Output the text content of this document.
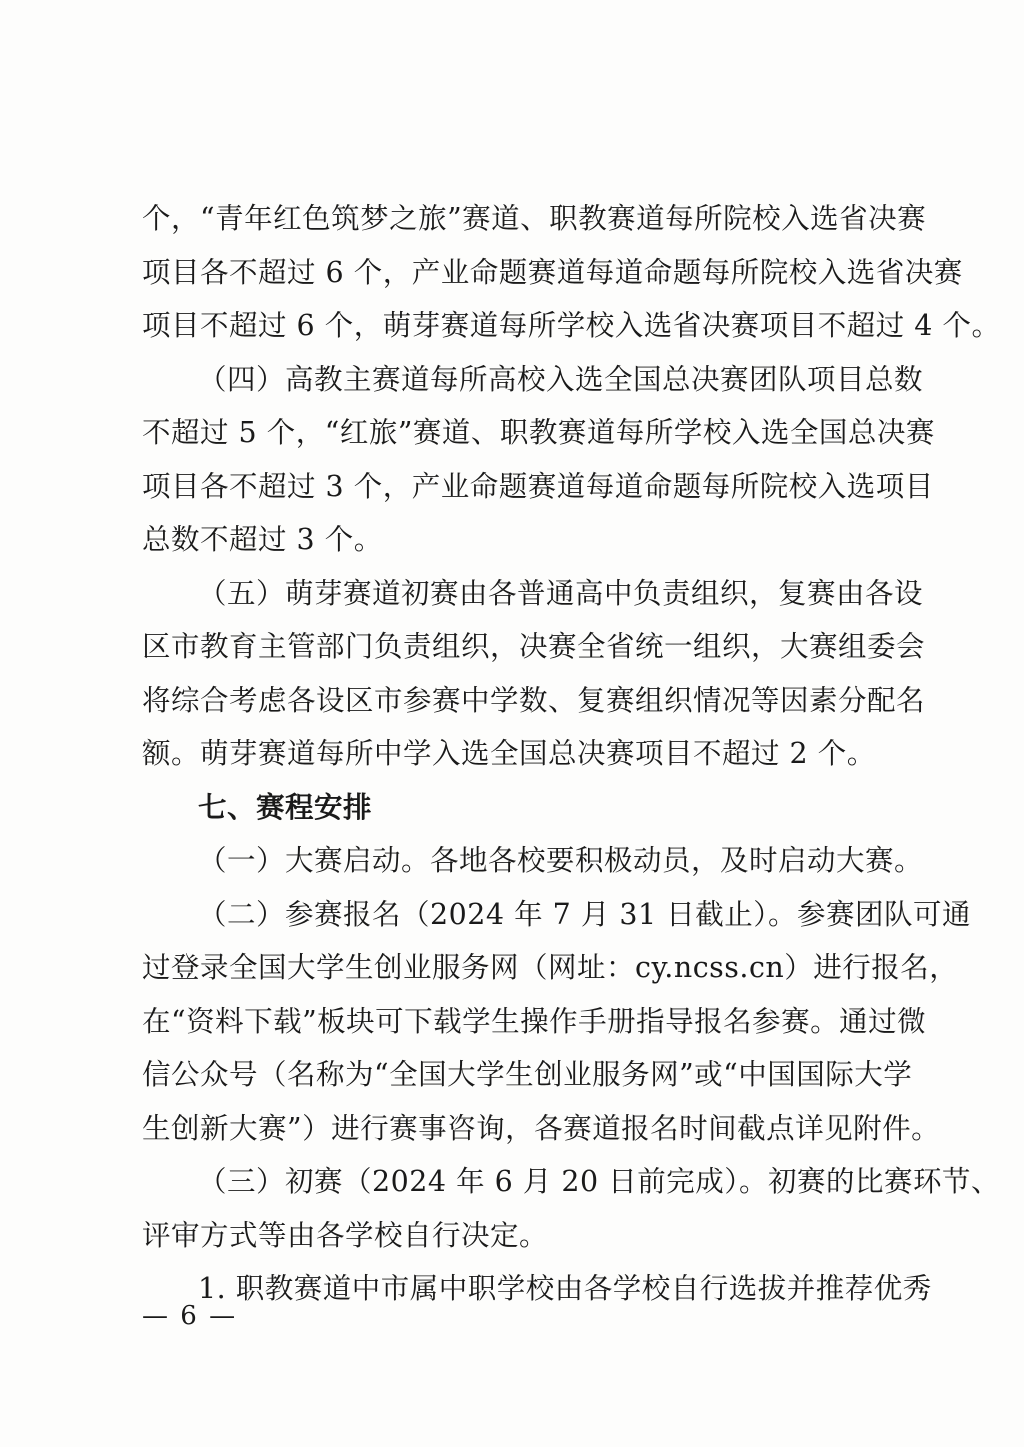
个，“青年红色筑梦之旅”赛道、职教赛道每所院校入选省决赛
项目各不超过 6 个，产业命题赛道每道命题每所院校入选省决赛
项目不超过 6 个，萌芽赛道每所学校入选省决赛项目不超过 4 个。
（四）高教主赛道每所高校入选全国总决赛团队项目总数
不超过 5 个，“红旅”赛道、职教赛道每所学校入选全国总决赛
项目各不超过 3 个，产业命题赛道每道命题每所院校入选项目
总数不超过 3 个。
（五）萌芽赛道初赛由各普通高中负责组织，复赛由各设
区市教育主管部门负责组织，决赛全省统一组织，大赛组委会
将综合考虑各设区市参赛中学数、复赛组织情况等因素分配名
额。萌芽赛道每所中学入选全国总决赛项目不超过 2 个。
七、赛程安排
（一）大赛启动。各地各校要积极动员，及时启动大赛。
（二）参赛报名（2024 年 7 月 31 日截止）。参赛团队可通
过登录全国大学生创业服务网（网址：cy.ncss.cn）进行报名，
在“资料下载”板块可下载学生操作手册指导报名参赛。通过微
信公众号（名称为“全国大学生创业服务网”或“中国国际大学
生创新大赛”）进行赛事咨询，各赛道报名时间截点详见附件。
（三）初赛（2024 年 6 月 20 日前完成）。初赛的比赛环节、
评审方式等由各学校自行决定。
1. 职教赛道中市属中职学校由各学校自行选拔并推荐优秀
— 6 —
